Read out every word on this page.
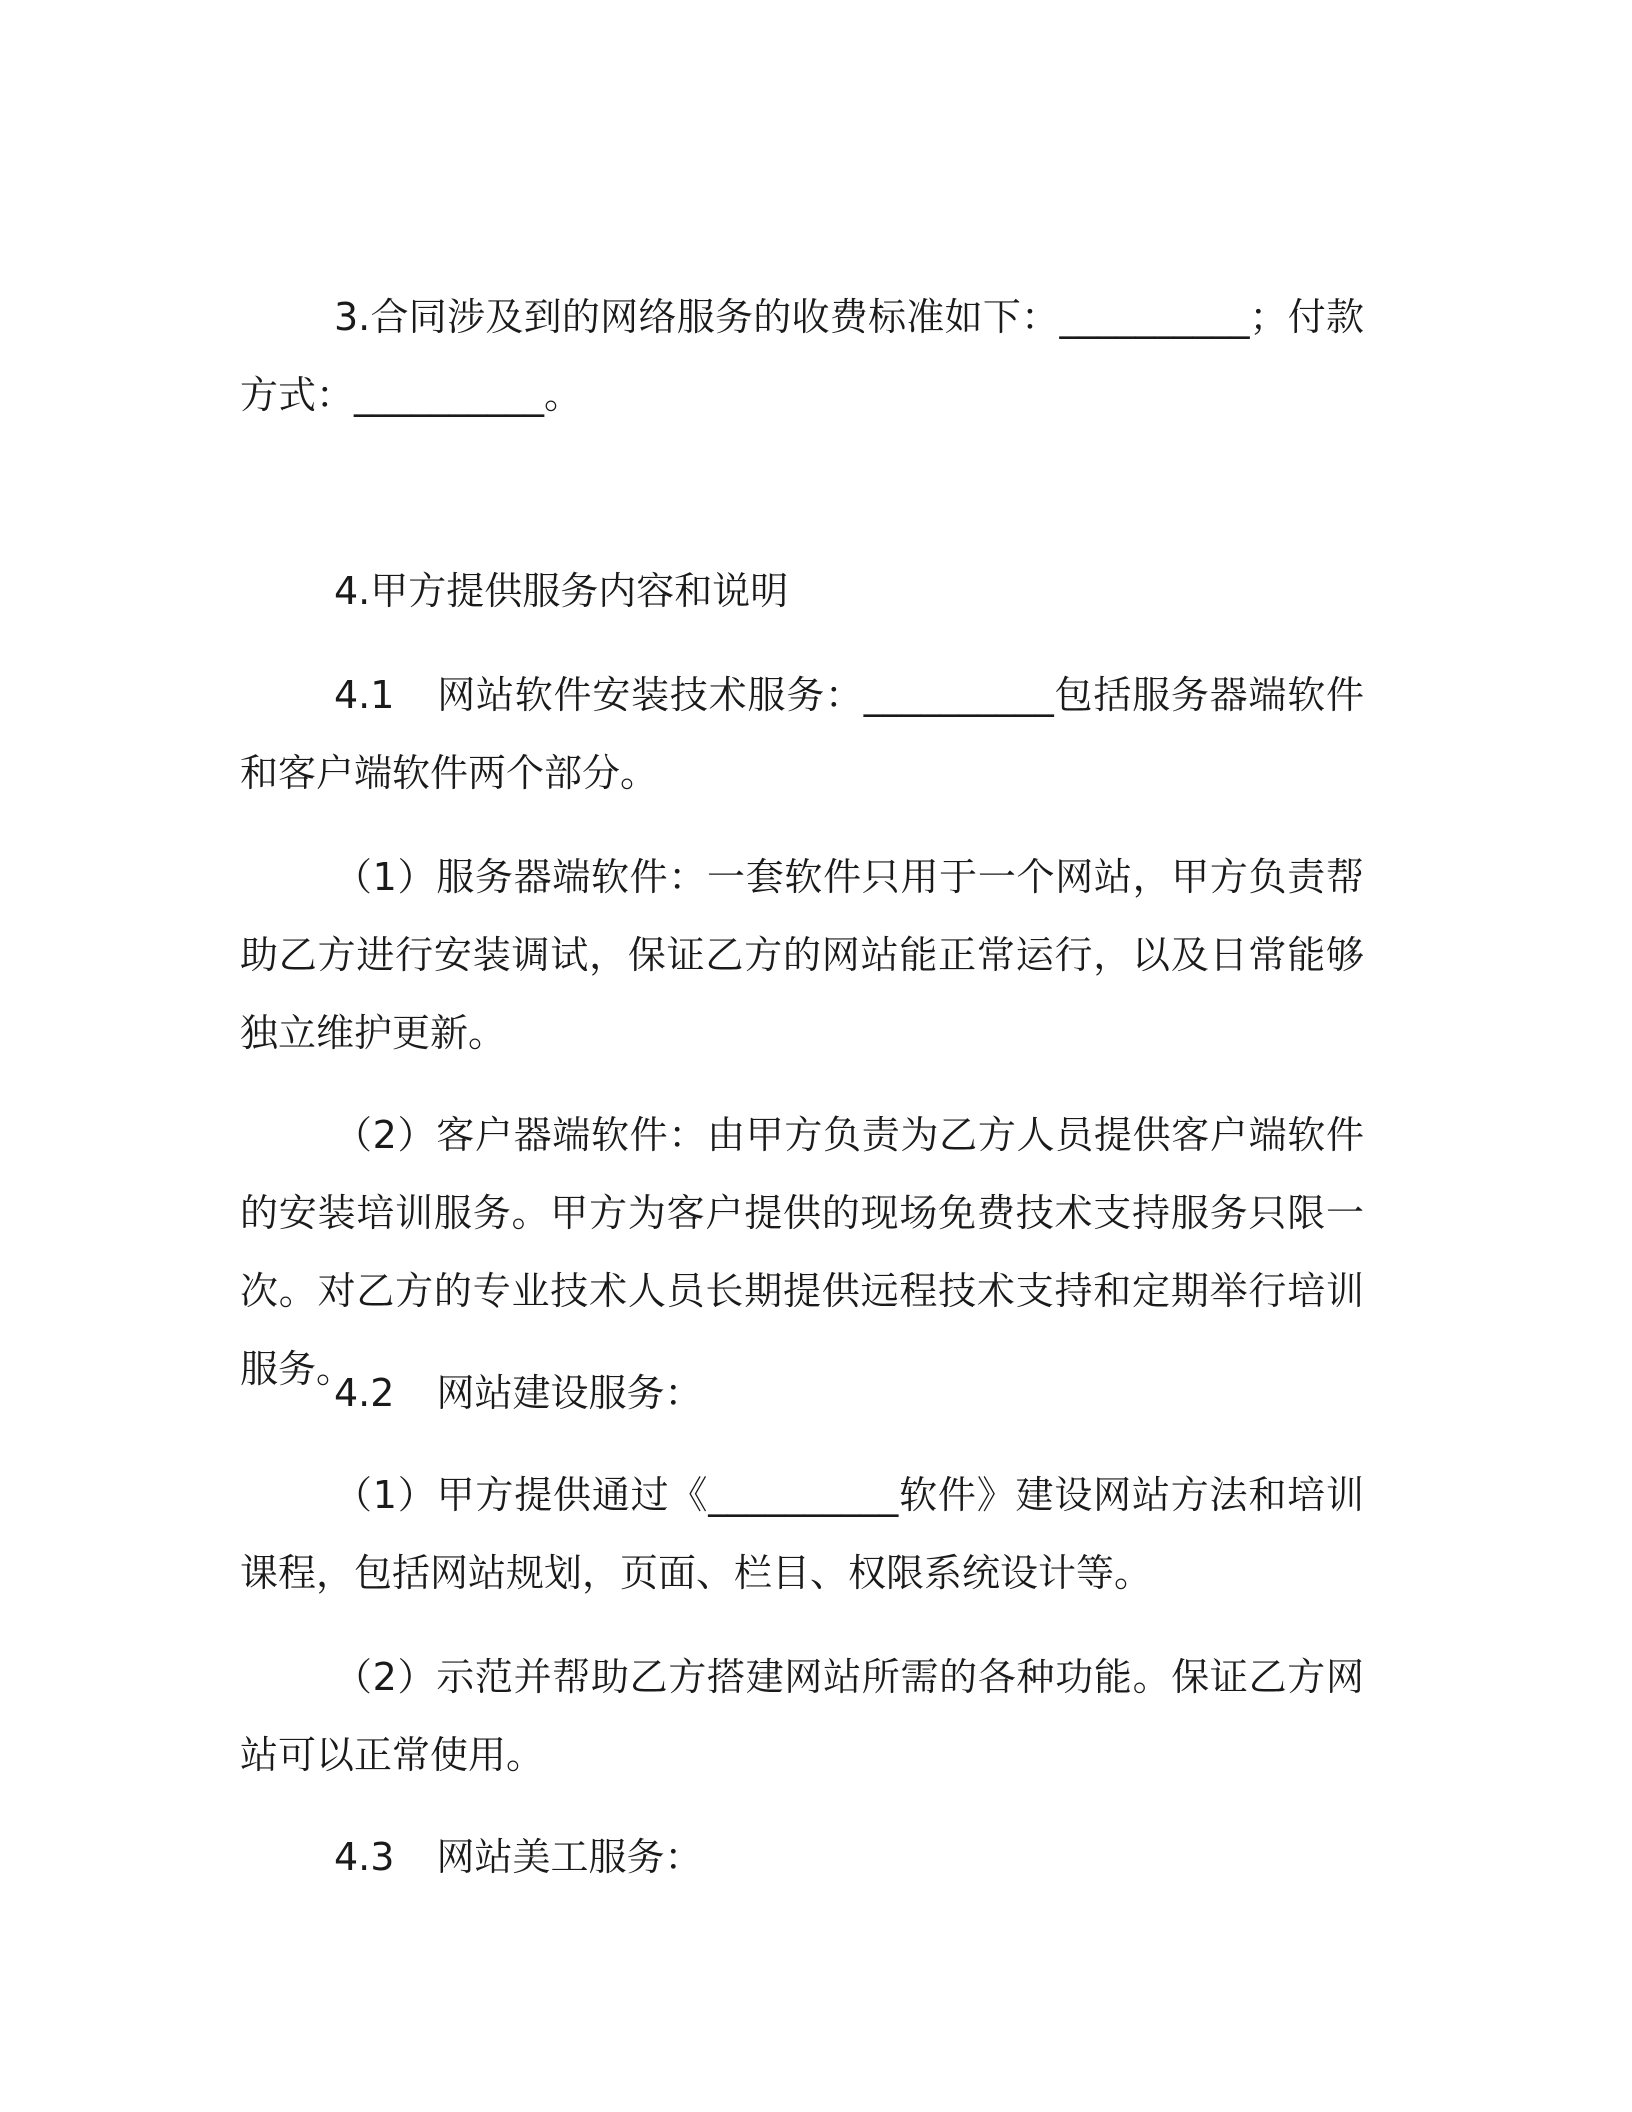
3.合同涉及到的网络服务的收费标准如下：__________；付款方式：__________。

4.甲方提供服务内容和说明

4.1 网站软件安装技术服务：__________包括服务器端软件和客户端软件两个部分。

（1）服务器端软件：一套软件只用于一个网站，甲方负责帮助乙方进行安装调试，保证乙方的网站能正常运行，以及日常能够独立维护更新。

（2）客户器端软件：由甲方负责为乙方人员提供客户端软件的安装培训服务。甲方为客户提供的现场免费技术支持服务只限一次。对乙方的专业技术人员长期提供远程技术支持和定期举行培训服务。

4.2 网站建设服务：

（1）甲方提供通过《__________软件》建设网站方法和培训课程，包括网站规划，页面、栏目、权限系统设计等。

（2）示范并帮助乙方搭建网站所需的各种功能。保证乙方网站可以正常使用。

4.3 网站美工服务：
